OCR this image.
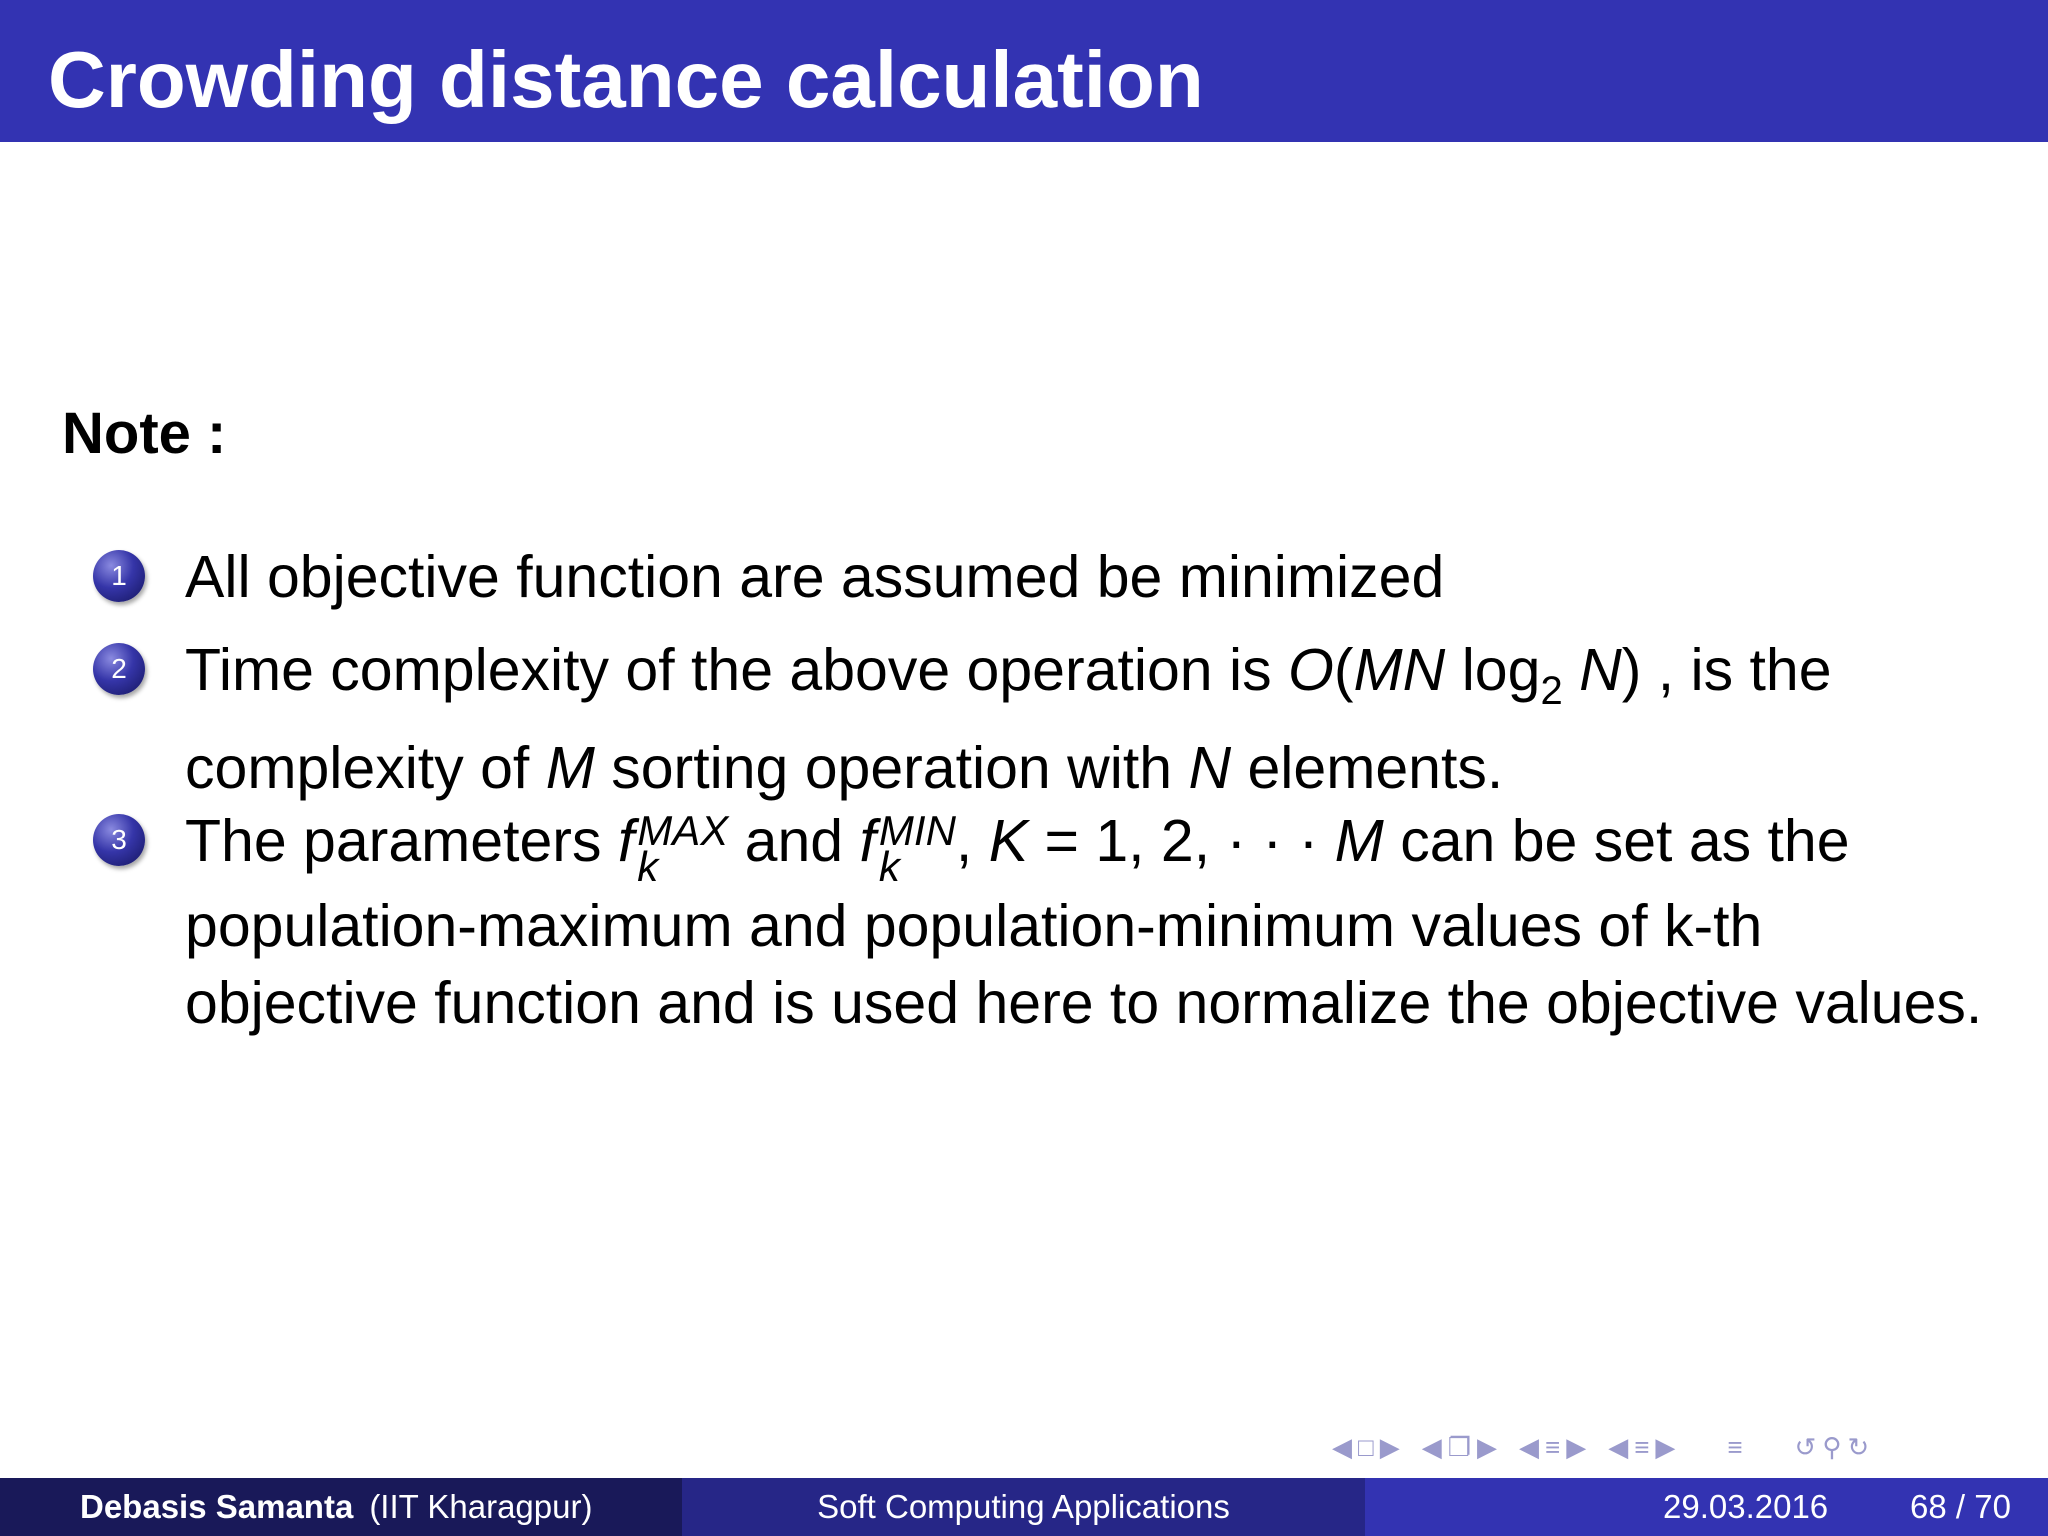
Crowding distance calculation
Note :
1 All objective function are assumed be minimized
2 Time complexity of the above operation is O(MN $\log_2 N$) , is the complexity of M sorting operation with N elements.
3 The parameters f MAX
k	and f MIN
k , K = 1, 2, · · · M can be set as the population-maximum and population-minimum values of k-th objective function and is used here to normalize the objective values.
◀ □ ▶ ◀ ❐ ▶ ◀ ≡ ▶ ◀ ≡ ▶ ≡ ↺ ⚲ ↻
Debasis Samanta (IIT Kharagpur)	Soft Computing Applications	29.03.2016 68 / 70
